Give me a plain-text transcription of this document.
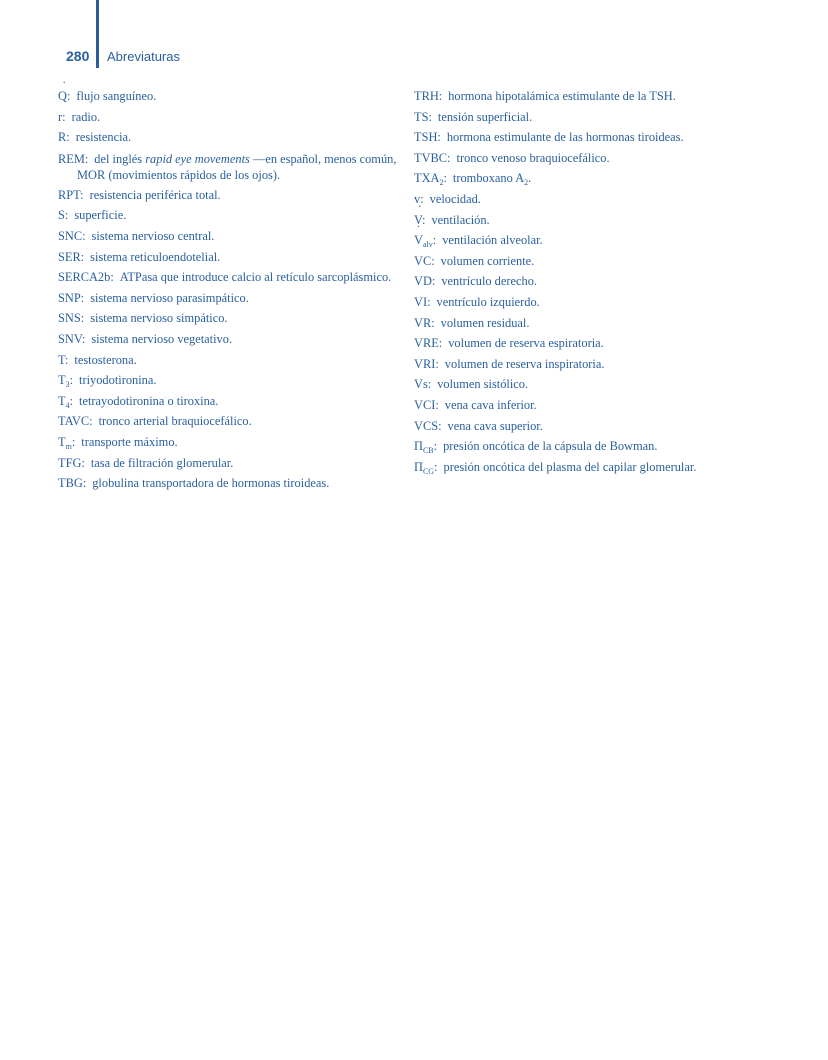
280 Abreviaturas
˙ Q: flujo sanguíneo.
r: radio.
R: resistencia.
REM: del inglés rapid eye movements —en español, menos común, MOR (movimientos rápidos de los ojos).
RPT: resistencia periférica total.
S: superficie.
SNC: sistema nervioso central.
SER: sistema reticuloendotelial.
SERCA2b: ATPasa que introduce calcio al retículo sarcoplásmico.
SNP: sistema nervioso parasimpático.
SNS: sistema nervioso simpático.
SNV: sistema nervioso vegetativo.
T: testosterona.
$T_3$: triyodotironina.
$T_4$: tetrayodotironina o tiroxina.
TAVC: tronco arterial braquiocefálico.
$T_m$: transporte máximo.
TFG: tasa de filtración glomerular.
TBG: globulina transportadora de hormonas tiroideas.
TRH: hormona hipotalámica estimulante de la TSH.
TS: tensión superficial.
TSH: hormona estimulante de las hormonas tiroideas.
TVBC: tronco venoso braquiocefálico.
$TXA_2$: tromboxano $A_2$.
v: velocidad.
˙ V: ventilación.
˙ $V_{alv}$: ventilación alveolar.
VC: volumen corriente.
VD: ventrículo derecho.
VI: ventrículo izquierdo.
VR: volumen residual.
VRE: volumen de reserva espiratoria.
VRI: volumen de reserva inspiratoria.
Vs: volumen sistólico.
VCI: vena cava inferior.
VCS: vena cava superior.
$\Pi_{CB}$: presión oncótica de la cápsula de Bowman.
$\Pi_{CG}$: presión oncótica del plasma del capilar glomerular.
